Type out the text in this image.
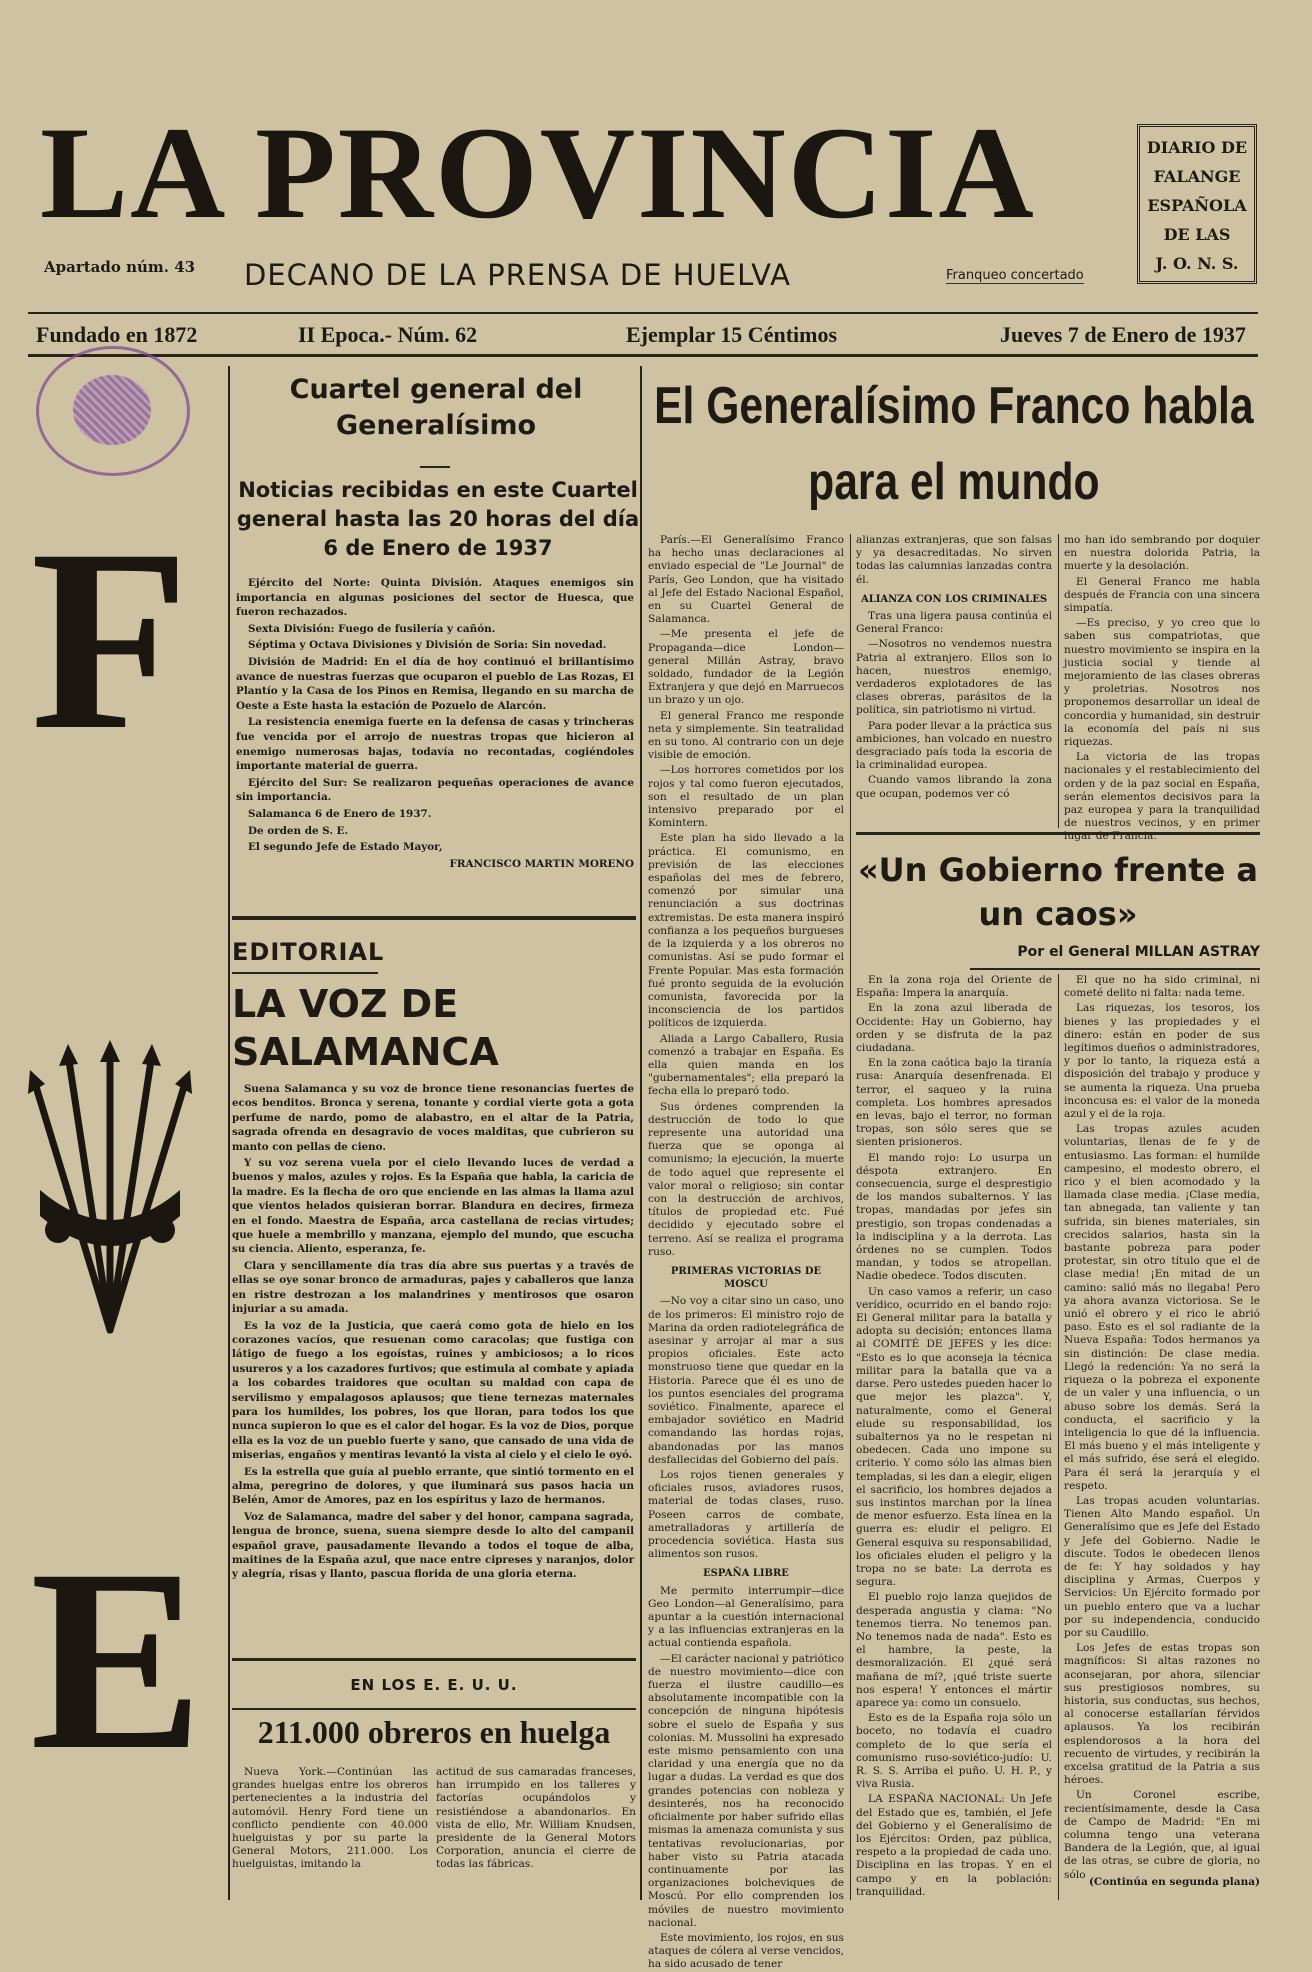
LA PROVINCIA	DIARIO DE
FALANGE
ESPAÑOLA
DE LAS
J. O. N. S.
Apartado núm. 43 DECANO DE LA PRENSA DE HUELVA	Franqueo concertado
Fundado en 1872	II Epoca.- Núm. 62	Ejemplar 15 Céntimos	Jueves 7 de Enero de 1937
F
E
Cuartel general del Generalísimo
Noticias recibidas en este Cuartel general hasta las 20 horas del día 6 de Enero de 1937

Ejército del Norte: Quinta División. Ataques enemigos sin importancia en algunas posiciones del sector de Huesca, que fueron rechazados.

Sexta División: Fuego de fusilería y cañón.

Séptima y Octava Divisiones y División de Soria: Sin novedad.

División de Madrid: En el día de hoy continuó el brillantísimo avance de nuestras fuerzas que ocuparon el pueblo de Las Rozas, El Plantío y la Casa de los Pinos en Remisa, llegando en su marcha de Oeste a Este hasta la estación de Pozuelo de Alarcón.

La resistencia enemiga fuerte en la defensa de casas y trincheras fue vencida por el arrojo de nuestras tropas que hicieron al enemigo numerosas bajas, todavía no recontadas, cogiéndoles importante material de guerra.

Ejército del Sur: Se realizaron pequeñas operaciones de avance sin importancia.

Salamanca 6 de Enero de 1937.

De orden de S. E.

El segundo Jefe de Estado Mayor,

FRANCISCO MARTIN MORENO

EDITORIAL
LA VOZ DE SALAMANCA

Suena Salamanca y su voz de bronce tiene resonancias fuertes de ecos benditos. Bronca y serena, tonante y cordial vierte gota a gota perfume de nardo, pomo de alabastro, en el altar de la Patria, sagrada ofrenda en desagravio de voces malditas, que cubrieron su manto con pellas de cieno.

Y su voz serena vuela por el cielo llevando luces de verdad a buenos y malos, azules y rojos. Es la España que habla, la caricia de la madre. Es la flecha de oro que enciende en las almas la llama azul que vientos helados quisieran borrar. Blandura en decires, firmeza en el fondo. Maestra de España, arca castellana de recias virtudes; que huele a membrillo y manzana, ejemplo del mundo, que escucha su ciencia. Aliento, esperanza, fe.

Clara y sencillamente día tras día abre sus puertas y a través de ellas se oye sonar bronco de armaduras, pajes y caballeros que lanza en ristre destrozan a los malandrines y mentirosos que osaron injuriar a su amada.

Es la voz de la Justicia, que caerá como gota de hielo en los corazones vacíos, que resuenan como caracolas; que fustiga con látigo de fuego a los egoístas, ruines y ambiciosos; a lo ricos usureros y a los cazadores furtivos; que estimula al combate y apiada a los cobardes traidores que ocultan su maldad con capa de servilismo y empalagosos aplausos; que tiene ternezas maternales para los humildes, los pobres, los que lloran, para todos los que nunca supieron lo que es el calor del hogar. Es la voz de Dios, porque ella es la voz de un pueblo fuerte y sano, que cansado de una vida de miserias, engaños y mentiras levantó la vista al cielo y el cielo le oyó.

Es la estrella que guía al pueblo errante, que sintió tormento en el alma, peregrino de dolores, y que iluminará sus pasos hacia un Belén, Amor de Amores, paz en los espíritus y lazo de hermanos.

Voz de Salamanca, madre del saber y del honor, campana sagrada, lengua de bronce, suena, suena siempre desde lo alto del campanil español grave, pausadamente llevando a todos el toque de alba, maitines de la España azul, que nace entre cipreses y naranjos, dolor y alegría, risas y llanto, pascua florida de una gloria eterna.

EN LOS E. E. U. U.
211.000 obreros en huelga

Nueva York.—Continúan las grandes huelgas entre los obreros pertenecientes a la industria del automóvil. Henry Ford tiene un conflicto pendiente con 40.000 huelguistas y por su parte la General Motors, 211.000. Los huelguistas, imitando la

actitud de sus camaradas franceses, han irrumpido en los talleres y factorías ocupándolos y resistiéndose a abandonarlos. En vista de ello, Mr. William Knudsen, presidente de la General Motors Corporation, anuncia el cierre de todas las fábricas.

El Generalísimo Franco habla para el mundo

París.—El Generalísimo Franco ha hecho unas declaraciones al enviado especial de "Le Journal" de París, Geo London, que ha visitado al Jefe del Estado Nacional Español, en su Cuartel General de Salamanca.

—Me presenta el jefe de Propaganda—dice London— general Millán Astray, bravo soldado, fundador de la Legión Extranjera y que dejó en Marruecos un brazo y un ojo.

El general Franco me responde neta y simplemente. Sin teatralidad en su tono. Al contrario con un deje visible de emoción.

—Los horrores cometidos por los rojos y tal como fueron ejecutados, son el resultado de un plan intensivo preparado por el Komintern.

Este plan ha sido llevado a la práctica. El comunismo, en previsión de las elecciones españolas del mes de febrero, comenzó por simular una renunciación a sus doctrinas extremistas. De esta manera inspiró confianza a los pequeños burgueses de la izquierda y a los obreros no comunistas. Así se pudo formar el Frente Popular. Mas esta formación fué pronto seguida de la evolución comunista, favorecida por la inconsciencia de los partidos políticos de izquierda.

Aliada a Largo Caballero, Rusia comenzó a trabajar en España. Es ella quien manda en los "gubernamentales"; ella preparó la fecha ella lo preparó todo.

Sus órdenes comprenden la destrucción de todo lo que represente una autoridad una fuerza que se oponga al comunismo; la ejecución, la muerte de todo aquel que represente el valor moral o religioso; sin contar con la destrucción de archivos, títulos de propiedad etc. Fué decidido y ejecutado sobre el terreno. Así se realiza el programa ruso.

PRIMERAS VICTORIAS DE MOSCU

—No voy a citar sino un caso, uno de los primeros: El ministro rojo de Marina da orden radiotelegráfica de asesinar y arrojar al mar a sus propios oficiales. Este acto monstruoso tiene que quedar en la Historia. Parece que él es uno de los puntos esenciales del programa soviético. Finalmente, aparece el embajador soviético en Madrid comandando las hordas rojas, abandonadas por las manos desfallecidas del Gobierno del país.

Los rojos tienen generales y oficiales rusos, aviadores rusos, material de todas clases, ruso. Poseen carros de combate, ametralladoras y artillería de procedencia soviética. Hasta sus alimentos son rusos.

ESPAÑA LIBRE

Me permito interrumpir—dice Geo London—al Generalísimo, para apuntar a la cuestión internacional y a las influencias extranjeras en la actual contienda española.

—El carácter nacional y patriótico de nuestro movimiento—dice con fuerza el ilustre caudillo—es absolutamente incompatible con la concepción de ninguna hipótesis sobre el suelo de España y sus colonias. M. Mussolini ha expresado este mismo pensamiento con una claridad y una energía que no da lugar a dudas. La verdad es que dos grandes potencias con nobleza y desinterés, nos ha reconocido oficialmente por haber sufrido ellas mismas la amenaza comunista y sus tentativas revolucionarias, por haber visto su Patria atacada continuamente por las organizaciones bolcheviques de Moscú. Por ello comprenden los móviles de nuestro movimiento nacional.

Este movimiento, los rojos, en sus ataques de cólera al verse vencidos, ha sido acusado de tener

alianzas extranjeras, que son falsas y ya desacreditadas. No sirven todas las calumnias lanzadas contra él.

ALIANZA CON LOS CRIMINALES

Tras una ligera pausa continúa el General Franco:

—Nosotros no vendemos nuestra Patria al extranjero. Ellos son lo hacen, nuestros enemigo, verdaderos explotadores de las clases obreras, parásitos de la política, sin patriotismo ni virtud.

Para poder llevar a la práctica sus ambiciones, han volcado en nuestro desgraciado país toda la escoria de la criminalidad europea.

Cuando vamos librando la zona que ocupan, podemos ver có

mo han ido sembrando por doquier en nuestra dolorida Patria, la muerte y la desolación.

El General Franco me habla después de Francia con una sincera simpatía.

—Es preciso, y yo creo que lo saben sus compatriotas, que nuestro movimiento se inspira en la justicia social y tiende al mejoramiento de las clases obreras y proletrias. Nosotros nos proponemos desarrollar un ideal de concordia y humanidad, sin destruir la economía del país ni sus riquezas.

La victoria de las tropas nacionales y el restablecimiento del orden y de la paz social en España, serán elementos decisivos para la paz europea y para la tranquilidad de nuestros vecinos, y en primer lugar de Francia.

«Un Gobierno frente a un caos»
Por el General MILLAN ASTRAY

En la zona roja del Oriente de España: Impera la anarquía.

En la zona azul liberada de Occidente: Hay un Gobierno, hay orden y se disfruta de la paz ciudadana.

En la zona caótica bajo la tiranía rusa: Anarquía desenfrenada. El terror, el saqueo y la ruina completa. Los hombres apresados en levas, bajo el terror, no forman tropas, son sólo seres que se sienten prisioneros.

El mando rojo: Lo usurpa un déspota extranjero. En consecuencia, surge el desprestigio de los mandos subalternos. Y las tropas, mandadas por jefes sin prestigio, son tropas condenadas a la indisciplina y a la derrota. Las órdenes no se cumplen. Todos mandan, y todos se atropellan. Nadie obedece. Todos discuten.

Un caso vamos a referir, un caso verídico, ocurrido en el bando rojo: El General militar para la batalla y adopta su decisión; entonces llama al COMITÉ DE JEFES y les dice: "Esto es lo que aconseja la técnica militar para la batalla que va a darse. Pero ustedes pueden hacer lo que mejor les plazca". Y, naturalmente, como el General elude su responsabilidad, los subalternos ya no le respetan ni obedecen. Cada uno impone su criterio. Y como sólo las almas bien templadas, si les dan a elegir, eligen el sacrificio, los hombres dejados a sus instintos marchan por la línea de menor esfuerzo. Esta línea en la guerra es: eludir el peligro. El General esquiva su responsabilidad, los oficiales eluden el peligro y la tropa no se bate: La derrota es segura.

El pueblo rojo lanza quejidos de desperada angustia y clama: "No tenemos tierra. No tenemos pan. No tenemos nada de nada". Esto es el hambre, la peste, la desmoralización. El ¿qué será mañana de mí?, ¡qué triste suerte nos espera! Y entonces el mártir aparece ya: como un consuelo.

Esto es de la España roja sólo un boceto, no todavía el cuadro completo de lo que sería el comunismo ruso-soviético-judío: U. R. S. S. Arriba el puño. U. H. P., y viva Rusia.

LA ESPAÑA NACIONAL: Un Jefe del Estado que es, también, el Jefe del Gobierno y el Generalísimo de los Ejércitos: Orden, paz pública, respeto a la propiedad de cada uno. Disciplina en las tropas. Y en el campo y en la población: tranquilidad.

El que no ha sido criminal, ni cometé delito ni falta: nada teme.

Las riquezas, los tesoros, los bienes y las propiedades y el dinero: están en poder de sus legítimos dueños o administradores, y por lo tanto, la riqueza está a disposición del trabajo y produce y se aumenta la riqueza. Una prueba inconcusa es: el valor de la moneda azul y el de la roja.

Las tropas azules acuden voluntarias, llenas de fe y de entusiasmo. Las forman: el humilde campesino, el modesto obrero, el rico y el bien acomodado y la llamada clase media. ¡Clase media, tan abnegada, tan valiente y tan sufrida, sin bienes materiales, sin crecidos salarios, hasta sin la bastante pobreza para poder protestar, sin otro título que el de clase media! ¡En mitad de un camino: salió más no llegaba! Pero ya ahora avanza victoriosa. Se le unió el obrero y el rico le abrió paso. Esto es el sol radiante de la Nueva España: Todos hermanos ya sin distinción: De clase media. Llegó la redención: Ya no será la riqueza o la pobreza el exponente de un valer y una influencia, o un abuso sobre los demás. Será la conducta, el sacrificio y la inteligencia lo que dé la influencia. El más bueno y el más inteligente y el más sufrido, ése será el elegido. Para él será la jerarquía y el respeto.

Las tropas acuden voluntarias. Tienen Alto Mando español. Un Generalísimo que es Jefe del Estado y Jefe del Gobierno. Nadie le discute. Todos le obedecen llenos de fe: Y hay soldados y hay disciplina y Armas, Cuerpos y Servicios: Un Ejército formado por un pueblo entero que va a luchar por su independencia, conducido por su Caudillo.

Los Jefes de estas tropas son magníficos: Si altas razones no aconsejaran, por ahora, silenciar sus prestigiosos nombres, su historia, sus conductas, sus hechos, al conocerse estallarían férvidos aplausos. Ya los recibirán esplendorosos a la hora del recuento de virtudes, y recibirán la excelsa gratitud de la Patria a sus héroes.

Un Coronel escribe, recientísimamente, desde la Casa de Campo de Madrid: "En mi columna tengo una veterana Bandera de la Legión, que, al igual de las otras, se cubre de gloria, no sólo

(Continúa en segunda plana)
